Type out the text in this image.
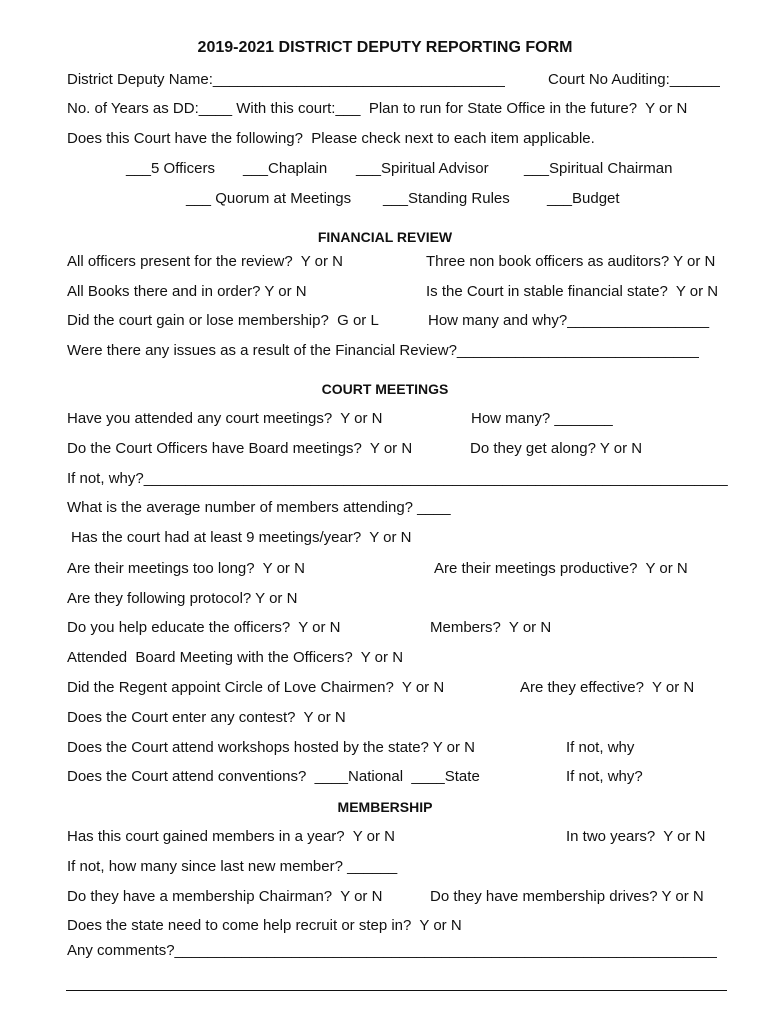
2019-2021 DISTRICT DEPUTY REPORTING FORM
District Deputy Name:___________________________________	Court No Auditing:______
No. of Years as DD:____ With this court:___  Plan to run for State Office in the future?  Y or N
Does this Court have the following?  Please check next to each item applicable.
___5 Officers ___Chaplain ___Spiritual Advisor ___Spiritual Chairman
___ Quorum at Meetings ___Standing Rules ___Budget
FINANCIAL REVIEW
All officers present for the review?  Y or N	Three non book officers as auditors? Y or N
All Books there and in order? Y or N	Is the Court in stable financial state?  Y or N
Did the court gain or lose membership?  G or L	How many and why?_________________
Were there any issues as a result of the Financial Review?_____________________________
COURT MEETINGS
Have you attended any court meetings?  Y or N	How many? _______
Do the Court Officers have Board meetings?  Y or N	Do they get along? Y or N
If not, why?______________________________________________________________________
What is the average number of members attending? ____
Has the court had at least 9 meetings/year?  Y or N
Are their meetings too long?  Y or N	Are their meetings productive?  Y or N
Are they following protocol? Y or N
Do you help educate the officers?  Y or N	Members?  Y or N
Attended  Board Meeting with the Officers?  Y or N
Did the Regent appoint Circle of Love Chairmen?  Y or N	Are they effective?  Y or N
Does the Court enter any contest?  Y or N
Does the Court attend workshops hosted by the state? Y or N	If not, why
Does the Court attend conventions?  ____National  ____State	If not, why?
MEMBERSHIP
Has this court gained members in a year?  Y or N	In two years?  Y or N
If not, how many since last new member? ______
Do they have a membership Chairman?  Y or N	Do they have membership drives? Y or N
Does the state need to come help recruit or step in?  Y or N
Any comments?_________________________________________________________________
